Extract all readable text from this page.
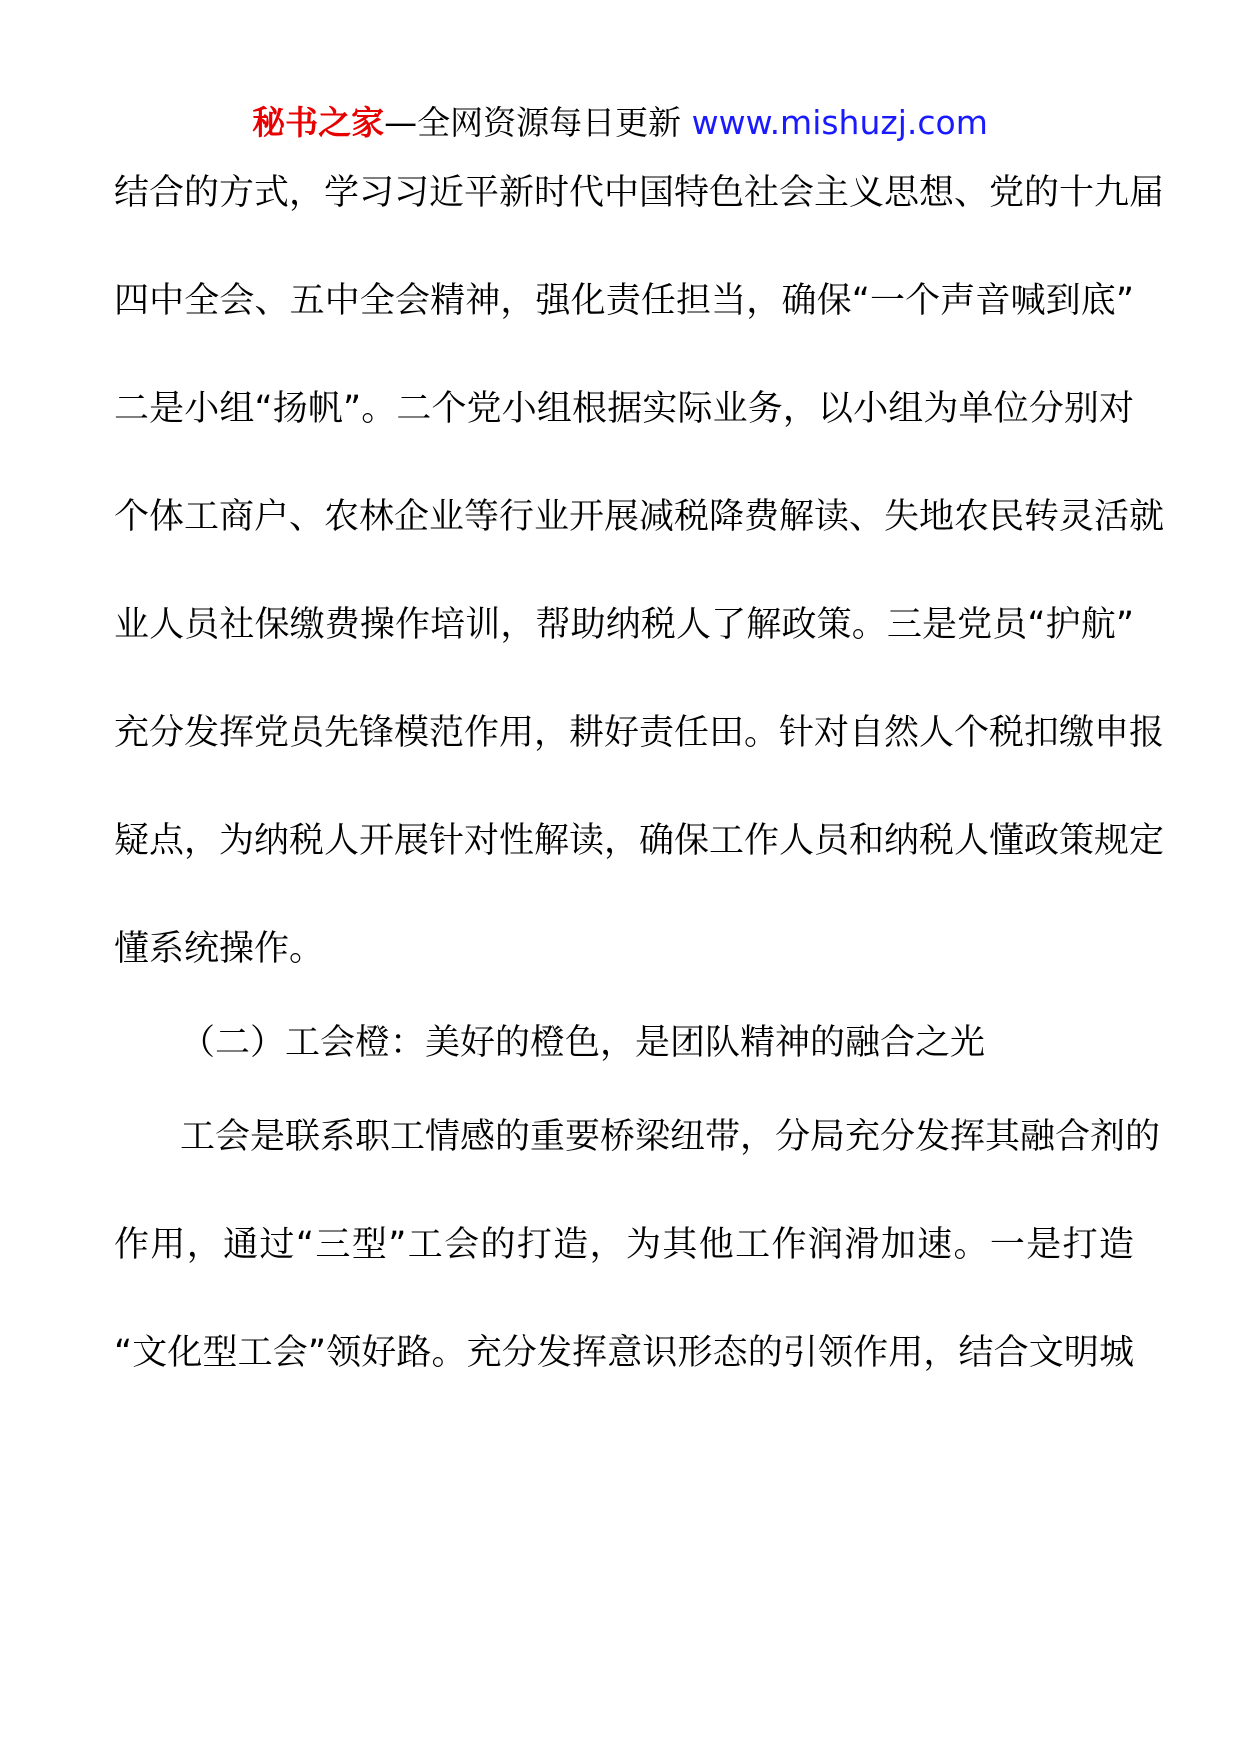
秘书之家—全网资源每日更新 www.mishuzj.com
结合的方式，学习习近平新时代中国特色社会主义思想、党的十九届
四中全会、五中全会精神，强化责任担当，确保“一个声音喊到底”
二是小组“扬帆”。二个党小组根据实际业务，以小组为单位分别对
个体工商户、农林企业等行业开展减税降费解读、失地农民转灵活就
业人员社保缴费操作培训，帮助纳税人了解政策。三是党员“护航”
充分发挥党员先锋模范作用，耕好责任田。针对自然人个税扣缴申报
疑点，为纳税人开展针对性解读，确保工作人员和纳税人懂政策规定
懂系统操作。
（二）工会橙：美好的橙色，是团队精神的融合之光
工会是联系职工情感的重要桥梁纽带，分局充分发挥其融合剂的
作用，通过“三型”工会的打造，为其他工作润滑加速。一是打造
“文化型工会”领好路。充分发挥意识形态的引领作用，结合文明城
